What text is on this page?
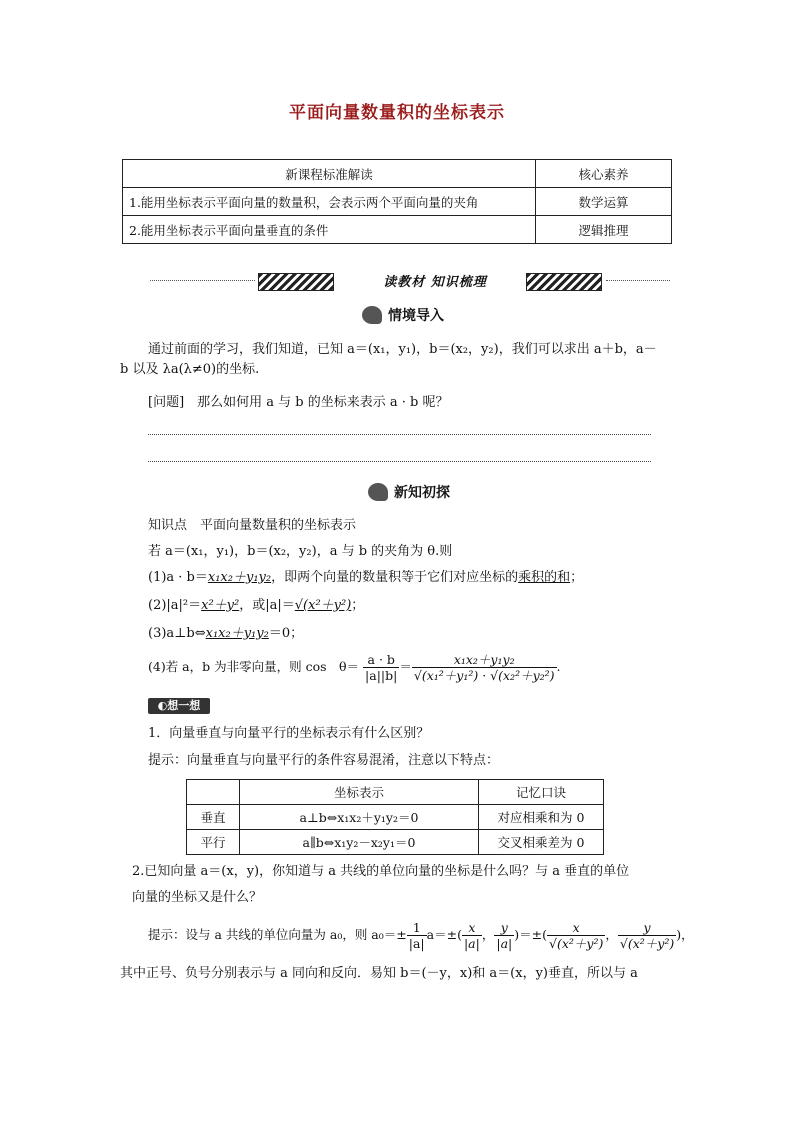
平面向量数量积的坐标表示
新课程标准解读	核心素养
1.能用坐标表示平面向量的数量积，会表示两个平面向量的夹角	数学运算
2.能用坐标表示平面向量垂直的条件	逻辑推理
读教材 知识梳理
情境导入
通过前面的学习，我们知道，已知 a＝(x₁，y₁)，b＝(x₂，y₂)，我们可以求出 a＋b，a－
b 以及 λa(λ≠0)的坐标.
[问题]　那么如何用 a 与 b 的坐标来表示 a · b 呢？
新知初探
知识点　平面向量数量积的坐标表示
若 a＝(x₁，y₁)，b＝(x₂，y₂)，a 与 b 的夹角为 θ.则
(1)a · b＝x₁x₂＋y₁y₂，即两个向量的数量积等于它们对应坐标的乘积的和；
(2)|a|²＝x²＋y²，或|a|＝√(x²＋y²)；
(3)a⊥b⇔x₁x₂＋y₁y₂＝0；
(4)若 a，b 为非零向量，则 cos　$\theta= \frac{a \cdot b}{|a||b|} = \frac{\text{x₁x₂＋y₁y₂}}{\text{√(x₁²＋y₁²) · √(x₂²＋y₂²)}}$ .
◐想一想
1．向量垂直与向量平行的坐标表示有什么区别？
提示：向量垂直与向量平行的条件容易混淆，注意以下特点：
	坐标表示	记忆口诀
垂直	a⊥b⇔x₁x₂＋y₁y₂＝0	对应相乘和为 0
平行	a∥b⇔x₁y₂－x₂y₁＝0	交叉相乘差为 0
2.已知向量 a＝(x，y)，你知道与 a 共线的单位向量的坐标是什么吗？与 a 垂直的单位
向量的坐标又是什么？
提示：设与 a 共线的单位向量为 a₀，则 $a_0=\pm \frac{1}{|a|} a=\pm( \frac{x}{|a|}$ ， $\frac{y}{|a|}$ )＝±( $\frac{x}{\text{√(x²＋y²)}}$ ， $\frac{y}{\text{√(x²＋y²)}}$ )，
其中正号、负号分别表示与 a 同向和反向．易知 b＝(－y，x)和 a＝(x，y)垂直，所以与 a
